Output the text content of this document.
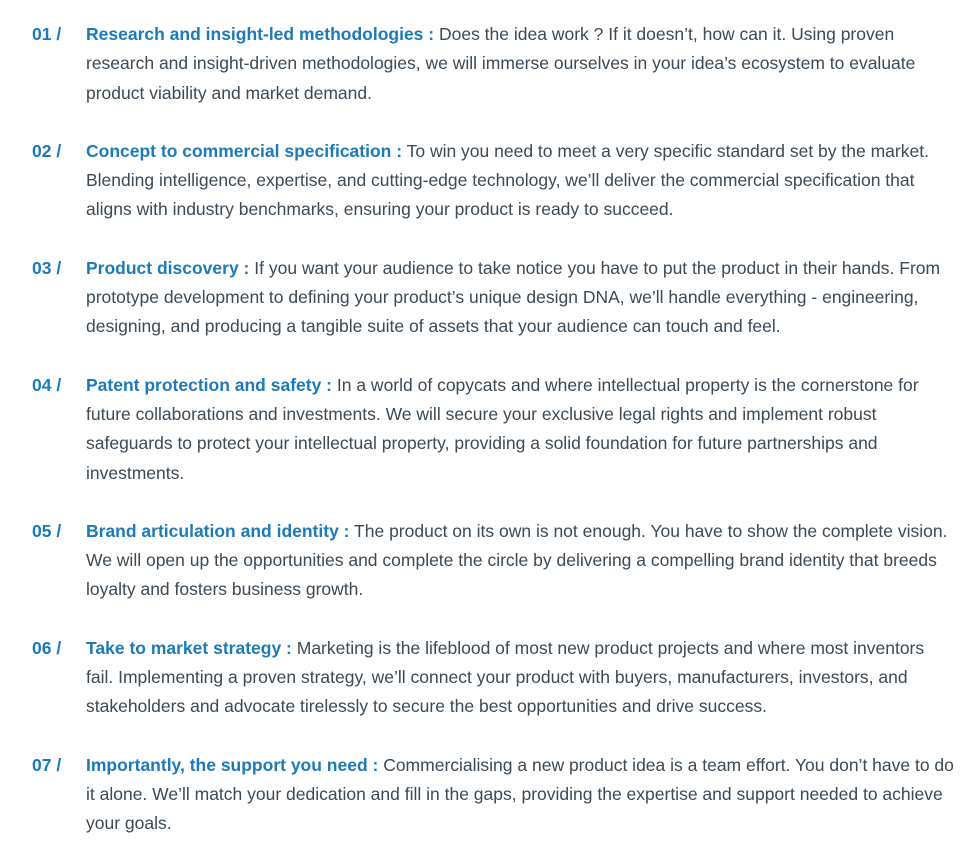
01 /	Research and insight-led methodologies : Does the idea work ? If it doesn’t, how can it. Using proven research and insight-driven methodologies, we will immerse ourselves in your idea’s ecosystem to evaluate product viability and market demand.

02 /	Concept to commercial specification : To win you need to meet a very specific standard set by the market. Blending intelligence, expertise, and cutting-edge technology, we’ll deliver the commercial specification that aligns with industry benchmarks, ensuring your product is ready to succeed.

03 /	Product discovery : If you want your audience to take notice you have to put the product in their hands. From prototype development to defining your product’s unique design DNA, we’ll handle everything - engineering, designing, and producing a tangible suite of assets that your audience can touch and feel.

04 /	Patent protection and safety : In a world of copycats and where intellectual property is the cornerstone for future collaborations and investments. We will secure your exclusive legal rights and implement robust safeguards to protect your intellectual property, providing a solid foundation for future partnerships and investments.

05 /	Brand articulation and identity : The product on its own is not enough. You have to show the complete vision. We will open up the opportunities and complete the circle by delivering a compelling brand identity that breeds loyalty and fosters business growth.

06 /	Take to market strategy : Marketing is the lifeblood of most new product projects and where most inventors fail. Implementing a proven strategy, we’ll connect your product with buyers, manufacturers, investors, and stakeholders and advocate tirelessly to secure the best opportunities and drive success.

07 /	Importantly, the support you need : Commercialising a new product idea is a team effort. You don’t have to do it alone. We’ll match your dedication and fill in the gaps, providing the expertise and support needed to achieve your goals.
